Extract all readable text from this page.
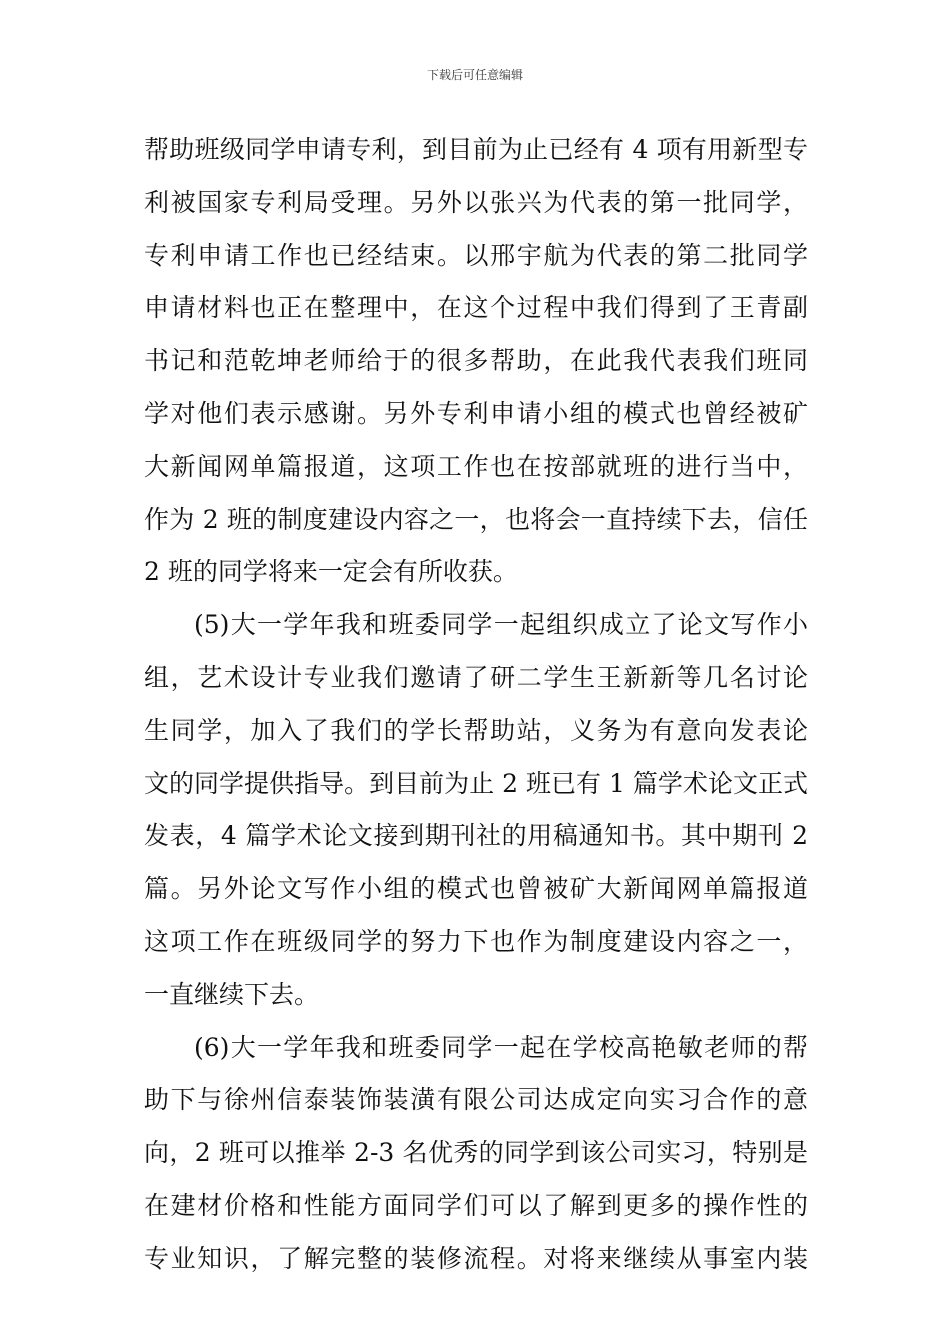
下载后可任意编辑
帮助班级同学申请专利，到目前为止已经有 4 项有用新型专
利被国家专利局受理。另外以张兴为代表的第一批同学，
专利申请工作也已经结束。以邢宇航为代表的第二批同学
申请材料也正在整理中，在这个过程中我们得到了王青副
书记和范乾坤老师给于的很多帮助，在此我代表我们班同
学对他们表示感谢。另外专利申请小组的模式也曾经被矿
大新闻网单篇报道，这项工作也在按部就班的进行当中，
作为 2 班的制度建设内容之一，也将会一直持续下去，信任
2 班的同学将来一定会有所收获。
(5)大一学年我和班委同学一起组织成立了论文写作小
组，艺术设计专业我们邀请了研二学生王新新等几名讨论
生同学，加入了我们的学长帮助站，义务为有意向发表论
文的同学提供指导。到目前为止 2 班已有 1 篇学术论文正式
发表，4 篇学术论文接到期刊社的用稿通知书。其中期刊 2
篇。另外论文写作小组的模式也曾被矿大新闻网单篇报道
这项工作在班级同学的努力下也作为制度建设内容之一，
一直继续下去。
(6)大一学年我和班委同学一起在学校高艳敏老师的帮
助下与徐州信泰装饰装潢有限公司达成定向实习合作的意
向，2 班可以推举 2-3 名优秀的同学到该公司实习，特别是
在建材价格和性能方面同学们可以了解到更多的操作性的
专业知识，了解完整的装修流程。对将来继续从事室内装
